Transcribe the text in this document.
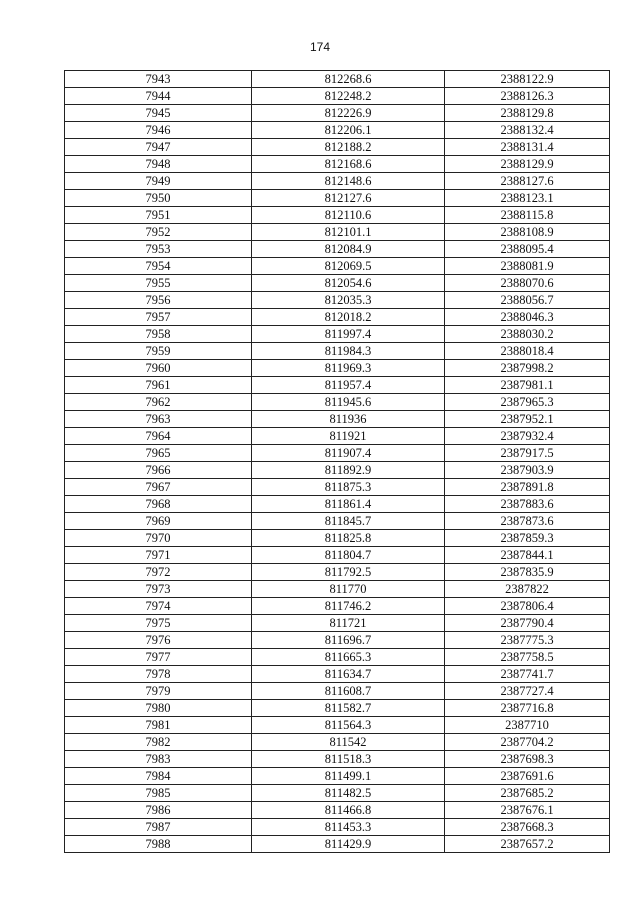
174
7943	812268.6	2388122.9
7944	812248.2	2388126.3
7945	812226.9	2388129.8
7946	812206.1	2388132.4
7947	812188.2	2388131.4
7948	812168.6	2388129.9
7949	812148.6	2388127.6
7950	812127.6	2388123.1
7951	812110.6	2388115.8
7952	812101.1	2388108.9
7953	812084.9	2388095.4
7954	812069.5	2388081.9
7955	812054.6	2388070.6
7956	812035.3	2388056.7
7957	812018.2	2388046.3
7958	811997.4	2388030.2
7959	811984.3	2388018.4
7960	811969.3	2387998.2
7961	811957.4	2387981.1
7962	811945.6	2387965.3
7963	811936	2387952.1
7964	811921	2387932.4
7965	811907.4	2387917.5
7966	811892.9	2387903.9
7967	811875.3	2387891.8
7968	811861.4	2387883.6
7969	811845.7	2387873.6
7970	811825.8	2387859.3
7971	811804.7	2387844.1
7972	811792.5	2387835.9
7973	811770	2387822
7974	811746.2	2387806.4
7975	811721	2387790.4
7976	811696.7	2387775.3
7977	811665.3	2387758.5
7978	811634.7	2387741.7
7979	811608.7	2387727.4
7980	811582.7	2387716.8
7981	811564.3	2387710
7982	811542	2387704.2
7983	811518.3	2387698.3
7984	811499.1	2387691.6
7985	811482.5	2387685.2
7986	811466.8	2387676.1
7987	811453.3	2387668.3
7988	811429.9	2387657.2
